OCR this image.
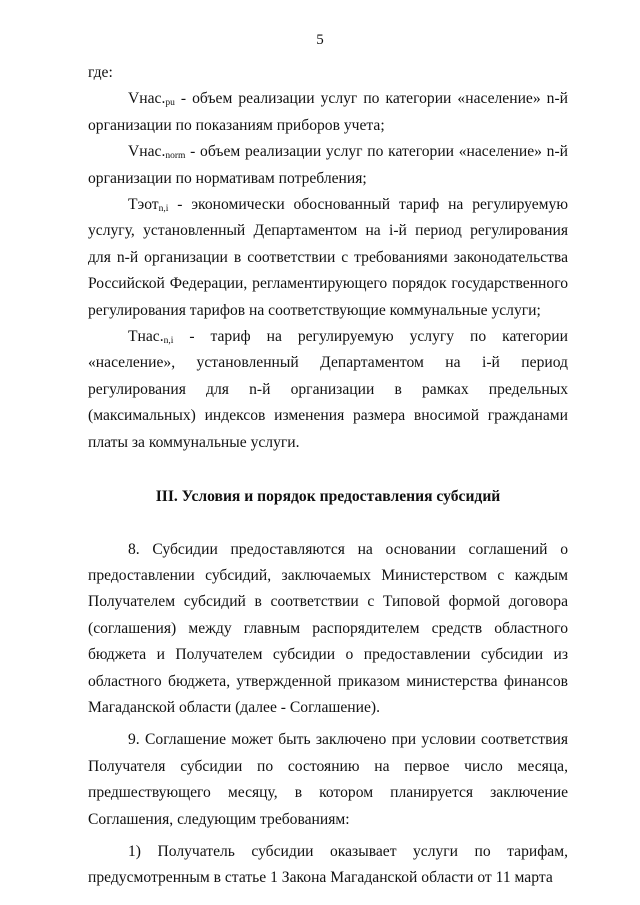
5

где:

$Vнас._{pu}$ - объем реализации услуг по категории «население» n-й организации по показаниям приборов учета;

$Vнас._{norm}$ - объем реализации услуг по категории «население» n-й организации по нормативам потребления;

Тэот$_{n,i}$ - экономически обоснованный тариф на регулируемую услугу, установленный Департаментом на i-й период регулирования для n-й организации в соответствии с требованиями законодательства Российской Федерации, регламентирующего порядок государственного регулирования тарифов на соответствующие коммунальные услуги;

$Тнас._{n,i}$ - тариф на регулируемую услугу по категории «население», установленный Департаментом на i-й период регулирования для n-й организации в рамках предельных (максимальных) индексов изменения размера вносимой гражданами платы за коммунальные услуги.

III. Условия и порядок предоставления субсидий

8. Субсидии предоставляются на основании соглашений о предоставлении субсидий, заключаемых Министерством с каждым Получателем субсидий в соответствии с Типовой формой договора (соглашения) между главным распорядителем средств областного бюджета и Получателем субсидии о предоставлении субсидии из областного бюджета, утвержденной приказом министерства финансов Магаданской области (далее - Соглашение).

9. Соглашение может быть заключено при условии соответствия Получателя субсидии по состоянию на первое число месяца, предшествующего месяцу, в котором планируется заключение Соглашения, следующим требованиям:

1) Получатель субсидии оказывает услуги по тарифам, предусмотренным в статье 1 Закона Магаданской области от 11 марта
